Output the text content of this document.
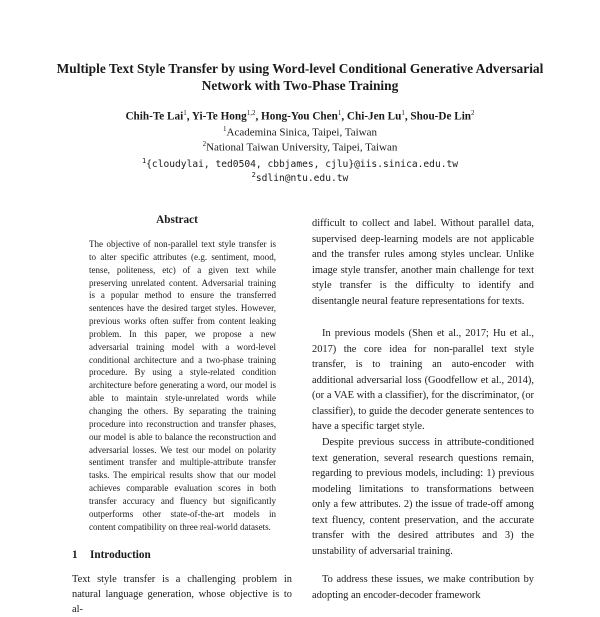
Multiple Text Style Transfer by using Word-level Conditional Generative Adversarial Network with Two-Phase Training
Chih-Te Lai$^1$, Yi-Te Hong$^{1,2}$, Hong-You Chen$^1$, Chi-Jen Lu$^1$, Shou-De Lin$^2$
$^1$Academina Sinica, Taipei, Taiwan
$^2$National Taiwan University, Taipei, Taiwan
$^1${cloudylai, ted0504, cbbjames, cjlu}@iis.sinica.edu.tw
$^2$sdlin@ntu.edu.tw
Abstract
The objective of non-parallel text style transfer is to alter specific attributes (e.g. sentiment, mood, tense, politeness, etc) of a given text while preserving unrelated content. Adversarial training is a popular method to ensure the transferred sentences have the desired target styles. However, previous works often suffer from content leaking problem. In this paper, we propose a new adversarial training model with a word-level conditional architecture and a two-phase training procedure. By using a style-related condition architecture before generating a word, our model is able to maintain style-unrelated words while changing the others. By separating the training procedure into reconstruction and transfer phases, our model is able to balance the reconstruction and adversarial losses. We test our model on polarity sentiment transfer and multiple-attribute transfer tasks. The empirical results show that our model achieves comparable evaluation scores in both transfer accuracy and fluency but significantly outperforms other state-of-the-art models in content compatibility on three real-world datasets.
1 Introduction
Text style transfer is a challenging problem in natural language generation, whose objective is to al-
difficult to collect and label. Without parallel data, supervised deep-learning models are not applicable and the transfer rules among styles unclear. Unlike image style transfer, another main challenge for text style transfer is the difficulty to identify and disentangle neural feature representations for texts.
In previous models (Shen et al., 2017; Hu et al., 2017) the core idea for non-parallel text style transfer, is to training an auto-encoder with additional adversarial loss (Goodfellow et al., 2014), (or a VAE with a classifier), for the discriminator, (or classifier), to guide the decoder generate sentences to have a specific target style.
Despite previous success in attribute-conditioned text generation, several research questions remain, regarding to previous models, including: 1) previous modeling limitations to transformations between only a few attributes. 2) the issue of trade-off among text fluency, content preservation, and the accurate transfer with the desired attributes and 3) the unstability of adversarial training.
To address these issues, we make contribution by adopting an encoder-decoder framework
